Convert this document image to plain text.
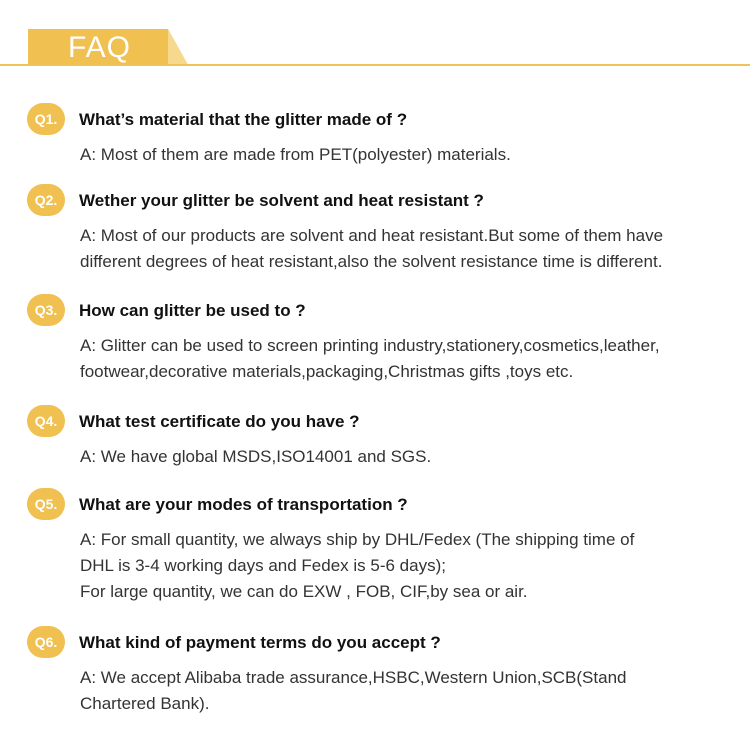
FAQ
Q1.	What’s material that the glitter made of ?
A: Most of them are made from PET(polyester) materials.
Q2.	Wether your glitter be solvent and heat resistant ?
A: Most of our products are solvent and heat resistant.But some of them have
different degrees of heat resistant,also the solvent resistance time is different.
Q3.	How can glitter be used to ?
A: Glitter can be used to screen printing industry,stationery,cosmetics,leather,
footwear,decorative materials,packaging,Christmas gifts ,toys etc.
Q4.	What test certificate do you have ?
A: We have global MSDS,ISO14001 and SGS.
Q5.	What are your modes of transportation ?
A: For small quantity, we always ship by DHL/Fedex (The shipping time of
DHL is 3-4 working days and Fedex is 5-6 days);
For large quantity, we can do EXW , FOB, CIF,by sea or air.
Q6.	What kind of payment terms do you accept ?
A: We accept Alibaba trade assurance,HSBC,Western Union,SCB(Stand
Chartered Bank).
